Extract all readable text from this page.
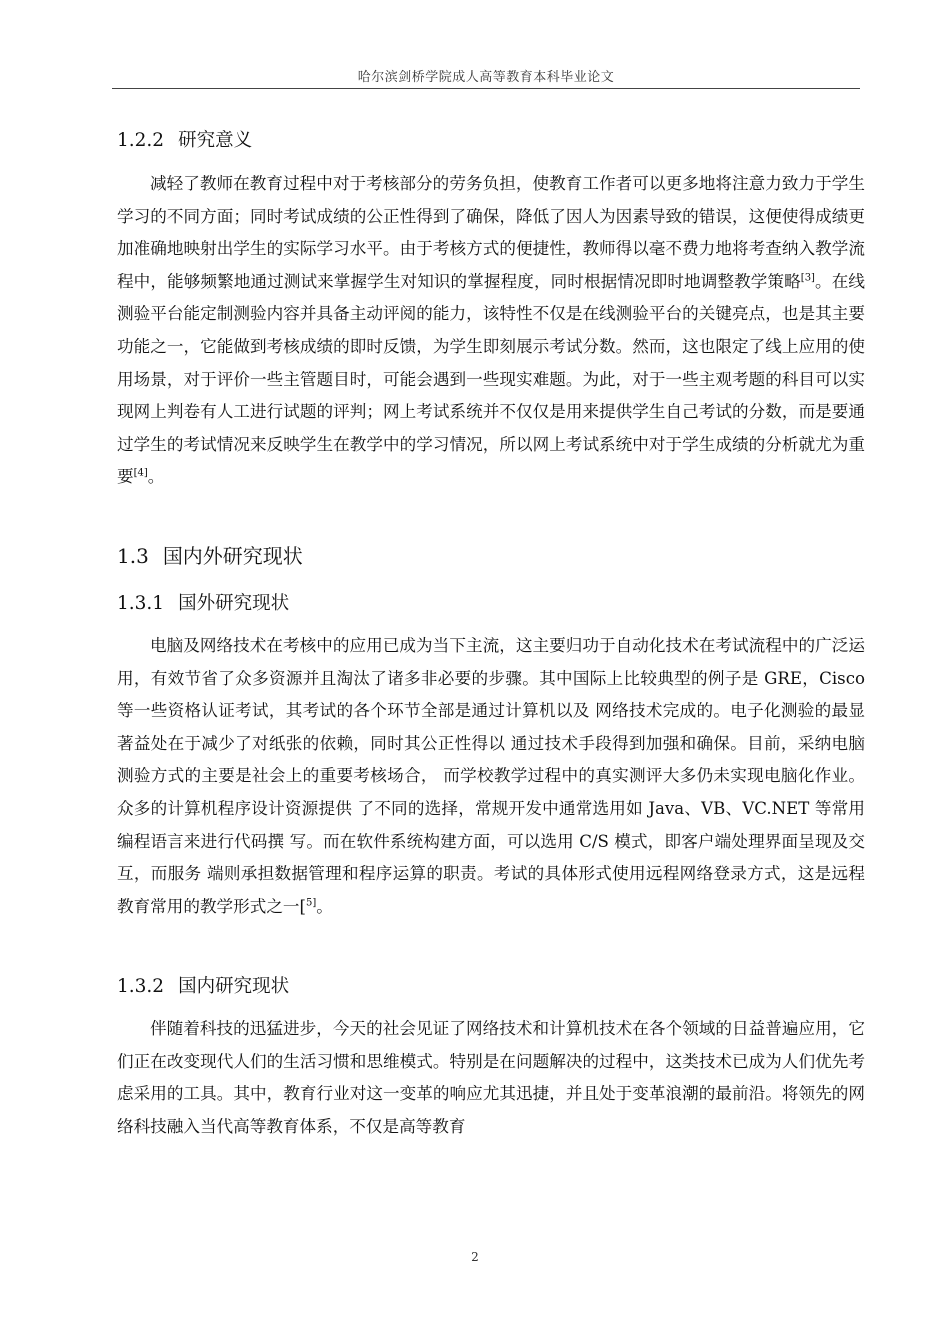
哈尔滨剑桥学院成人高等教育本科毕业论文
1.2.2 研究意义

减轻了教师在教育过程中对于考核部分的劳务负担，使教育工作者可以更多地将注意力致力于学生学习的不同方面；同时考试成绩的公正性得到了确保，降低了因人为因素导致的错误，这便使得成绩更加准确地映射出学生的实际学习水平。由于考核方式的便捷性，教师得以毫不费力地将考查纳入教学流程中，能够频繁地通过测试来掌握学生对知识的掌握程度，同时根据情况即时地调整教学策略[3]。在线测验平台能定制测验内容并具备主动评阅的能力，该特性不仅是在线测验平台的关键亮点，也是其主要功能之一，它能做到考核成绩的即时反馈，为学生即刻展示考试分数。然而，这也限定了线上应用的使用场景，对于评价一些主管题目时，可能会遇到一些现实难题。为此，对于一些主观考题的科目可以实现网上判卷有人工进行试题的评判；网上考试系统并不仅仅是用来提供学生自己考试的分数，而是要通过学生的考试情况来反映学生在教学中的学习情况，所以网上考试系统中对于学生成绩的分析就尤为重要[4]。

1.3 国内外研究现状
1.3.1 国外研究现状

电脑及网络技术在考核中的应用已成为当下主流，这主要归功于自动化技术在考试流程中的广泛运用，有效节省了众多资源并且淘汰了诸多非必要的步骤。其中国际上比较典型的例子是 GRE，Cisco 等一些资格认证考试，其考试的各个环节全部是通过计算机以及 网络技术完成的。电子化测验的最显著益处在于减少了对纸张的依赖，同时其公正性得以 通过技术手段得到加强和确保。目前，采纳电脑测验方式的主要是社会上的重要考核场合， 而学校教学过程中的真实测评大多仍未实现电脑化作业。众多的计算机程序设计资源提供 了不同的选择，常规开发中通常选用如 Java、VB、VC.NET 等常用编程语言来进行代码撰 写。而在软件系统构建方面，可以选用 C/S 模式，即客户端处理界面呈现及交互，而服务 端则承担数据管理和程序运算的职责。考试的具体形式使用远程网络登录方式，这是远程 教育常用的教学形式之一[$^{5]}$。

1.3.2 国内研究现状

伴随着科技的迅猛进步，今天的社会见证了网络技术和计算机技术在各个领域的日益普遍应用，它们正在改变现代人们的生活习惯和思维模式。特别是在问题解决的过程中，这类技术已成为人们优先考虑采用的工具。其中，教育行业对这一变革的响应尤其迅捷，并且处于变革浪潮的最前沿。将领先的网络科技融入当代高等教育体系，不仅是高等教育

2
